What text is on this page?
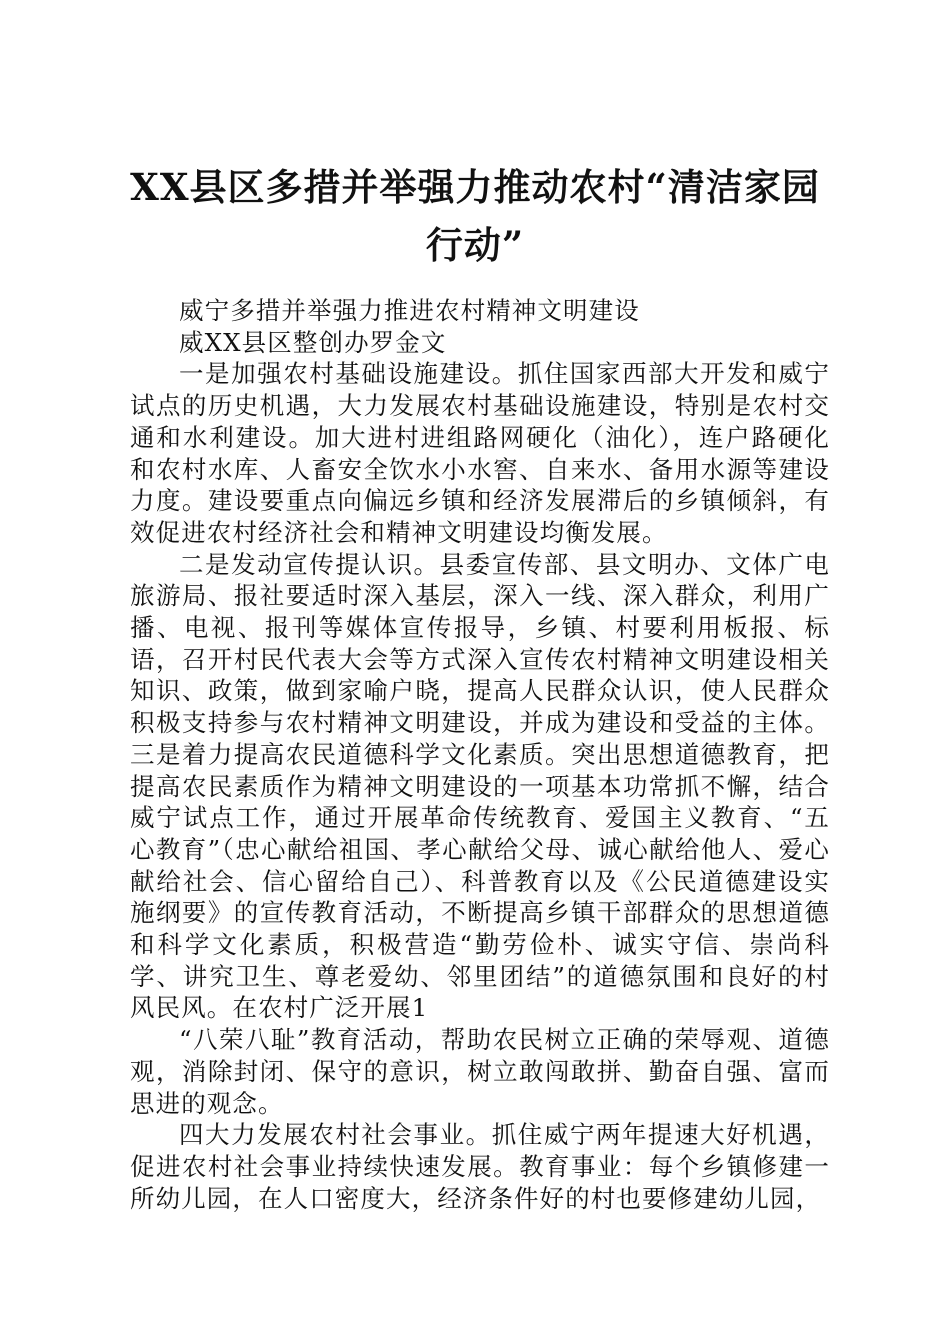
XX县区多措并举强力推动农村“清洁家园行动”

威宁多措并举强力推进农村精神文明建设

威XX县区整创办罗金文

一是加强农村基础设施建设。抓住国家西部大开发和威宁试点的历史机遇，大力发展农村基础设施建设，特别是农村交通和水利建设。加大进村进组路网硬化（油化），连户路硬化和农村水库、人畜安全饮水小水窖、自来水、备用水源等建设力度。建设要重点向偏远乡镇和经济发展滞后的乡镇倾斜，有效促进农村经济社会和精神文明建设均衡发展。

二是发动宣传提认识。县委宣传部、县文明办、文体广电旅游局、报社要适时深入基层，深入一线、深入群众，利用广播、电视、报刊等媒体宣传报导，乡镇、村要利用板报、标语，召开村民代表大会等方式深入宣传农村精神文明建设相关知识、政策，做到家喻户晓，提高人民群众认识，使人民群众积极支持参与农村精神文明建设，并成为建设和受益的主体。三是着力提高农民道德科学文化素质。突出思想道德教育，把提高农民素质作为精神文明建设的一项基本功常抓不懈，结合威宁试点工作，通过开展革命传统教育、爱国主义教育、“五心教育”（忠心献给祖国、孝心献给父母、诚心献给他人、爱心献给社会、信心留给自己）、科普教育以及《公民道德建设实施纲要》的宣传教育活动，不断提高乡镇干部群众的思想道德和科学文化素质，积极营造“勤劳俭朴、诚实守信、崇尚科学、讲究卫生、尊老爱幼、邻里团结”的道德氛围和良好的村风民风。在农村广泛开展1

“八荣八耻”教育活动，帮助农民树立正确的荣辱观、道德观，消除封闭、保守的意识，树立敢闯敢拼、勤奋自强、富而思进的观念。

四大力发展农村社会事业。抓住威宁两年提速大好机遇，促进农村社会事业持续快速发展。教育事业：每个乡镇修建一所幼儿园，在人口密度大，经济条件好的村也要修建幼儿园，
